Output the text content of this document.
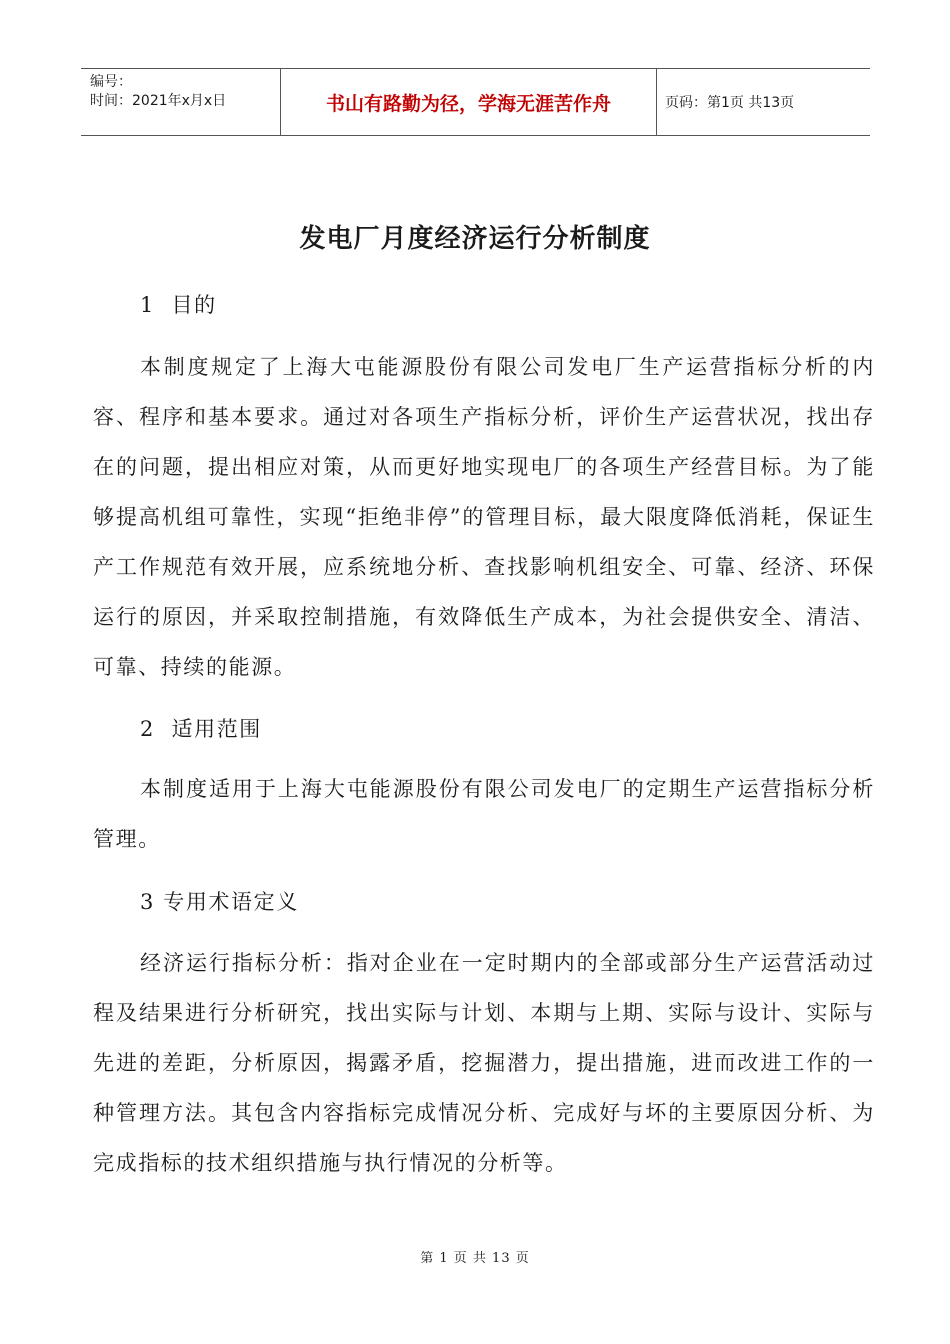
编号：
时间：2021年x月x日	书山有路勤为径，学海无涯苦作舟	页码：第1页 共13页
发电厂月度经济运行分析制度
1  目的

本制度规定了上海大屯能源股份有限公司发电厂生产运营指标分析的内容、程序和基本要求。通过对各项生产指标分析，评价生产运营状况，找出存在的问题，提出相应对策，从而更好地实现电厂的各项生产经营目标。为了能够提高机组可靠性，实现“拒绝非停”的管理目标，最大限度降低消耗，保证生产工作规范有效开展，应系统地分析、查找影响机组安全、可靠、经济、环保运行的原因，并采取控制措施，有效降低生产成本，为社会提供安全、清洁、可靠、持续的能源。

2  适用范围

本制度适用于上海大屯能源股份有限公司发电厂的定期生产运营指标分析管理。

3 专用术语定义

经济运行指标分析：指对企业在一定时期内的全部或部分生产运营活动过程及结果进行分析研究，找出实际与计划、本期与上期、实际与设计、实际与先进的差距，分析原因，揭露矛盾，挖掘潜力，提出措施，进而改进工作的一种管理方法。其包含内容指标完成情况分析、完成好与坏的主要原因分析、为完成指标的技术组织措施与执行情况的分析等。

第 1 页 共 13 页
